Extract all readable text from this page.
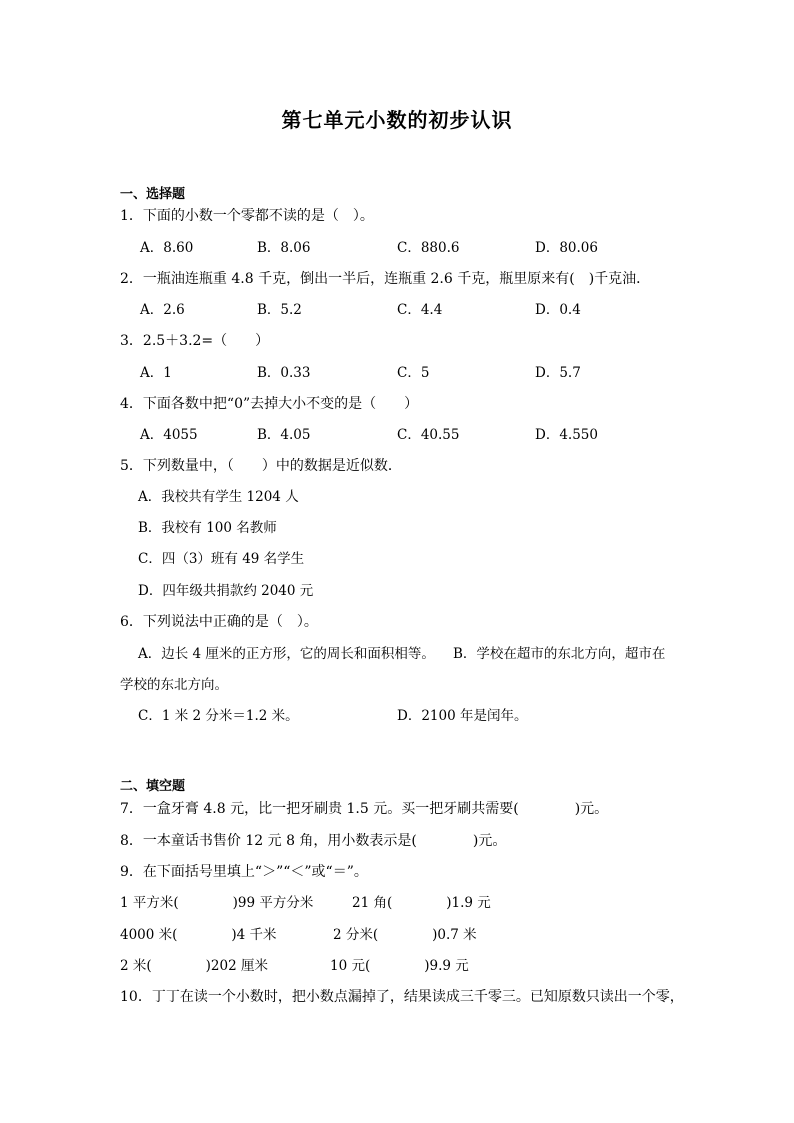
第七单元小数的初步认识
一、选择题
1．下面的小数一个零都不读的是（　）。
A．8.60	B．8.06	C．880.6	D．80.06
2．一瓶油连瓶重 4.8 千克，倒出一半后，连瓶重 2.6 千克，瓶里原来有(　)千克油．
A．2.6	B．5.2	C．4.4	D．0.4
3．2.5＋3.2=（　　）
A．1	B．0.33	C．5	D．5.7
4．下面各数中把“0”去掉大小不变的是（　　）
A．4055	B．4.05	C．40.55	D．4.550
5．下列数量中，（　　）中的数据是近似数．
A．我校共有学生 1204 人
B．我校有 100 名教师
C．四（3）班有 49 名学生
D．四年级共捐款约 2040 元
6．下列说法中正确的是（　）。
A．边长 4 厘米的正方形，它的周长和面积相等。 B．学校在超市的东北方向，超市在
学校的东北方向。
C．1 米 2 分米＝1.2 米。	D．2100 年是闰年。
二、填空题
7．一盒牙膏 4.8 元，比一把牙刷贵 1.5 元。买一把牙刷共需要(　　　　)元。
8．一本童话书售价 12 元 8 角，用小数表示是(　　　　)元。
9．在下面括号里填上“＞”“＜”或“＝”。
1 平方米(　　　　)99 平方分米	21 角(　　　　)1.9 元
4000 米(　　　　)4 千米	2 分米(　　　　)0.7 米
2 米(　　　　)202 厘米	10 元(　　　　)9.9 元
10．丁丁在读一个小数时，把小数点漏掉了，结果读成三千零三。已知原数只读出一个零，
